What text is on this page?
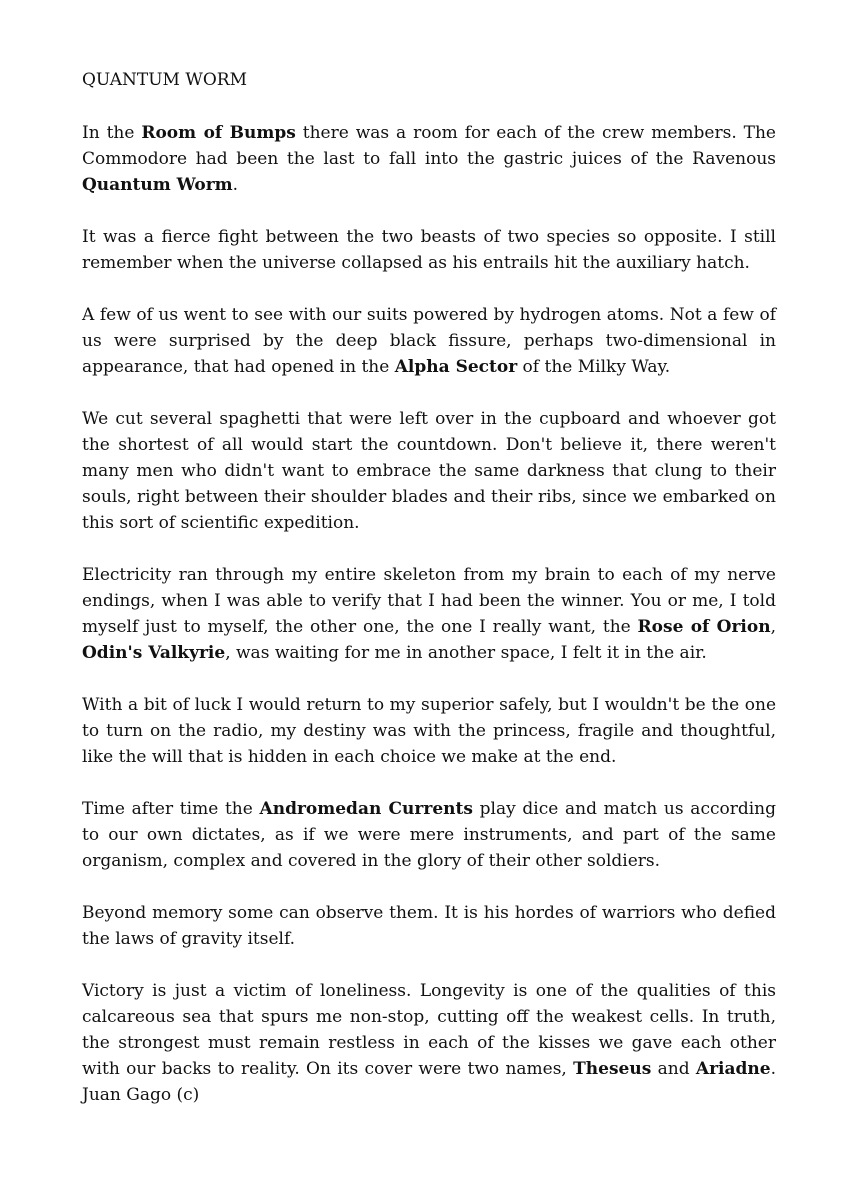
QUANTUM WORM

In the Room of Bumps there was a room for each of the crew members. The Commodore had been the last to fall into the gastric juices of the Ravenous Quantum Worm.

It was a fierce fight between the two beasts of two species so opposite. I still remember when the universe collapsed as his entrails hit the auxiliary hatch.

A few of us went to see with our suits powered by hydrogen atoms. Not a few of us were surprised by the deep black fissure, perhaps two-dimensional in appearance, that had opened in the Alpha Sector of the Milky Way.

We cut several spaghetti that were left over in the cupboard and whoever got the shortest of all would start the countdown. Don't believe it, there weren't many men who didn't want to embrace the same darkness that clung to their souls, right between their shoulder blades and their ribs, since we embarked on this sort of scientific expedition.

Electricity ran through my entire skeleton from my brain to each of my nerve endings, when I was able to verify that I had been the winner. You or me, I told myself just to myself, the other one, the one I really want, the Rose of Orion, Odin's Valkyrie, was waiting for me in another space, I felt it in the air.

With a bit of luck I would return to my superior safely, but I wouldn't be the one to turn on the radio, my destiny was with the princess, fragile and thoughtful, like the will that is hidden in each choice we make at the end.

Time after time the Andromedan Currents play dice and match us according to our own dictates, as if we were mere instruments, and part of the same organism, complex and covered in the glory of their other soldiers.

Beyond memory some can observe them. It is his hordes of warriors who defied the laws of gravity itself.

Victory is just a victim of loneliness. Longevity is one of the qualities of this calcareous sea that spurs me non-stop, cutting off the weakest cells. In truth, the strongest must remain restless in each of the kisses we gave each other with our backs to reality. On its cover were two names, Theseus and Ariadne. Juan Gago (c)
